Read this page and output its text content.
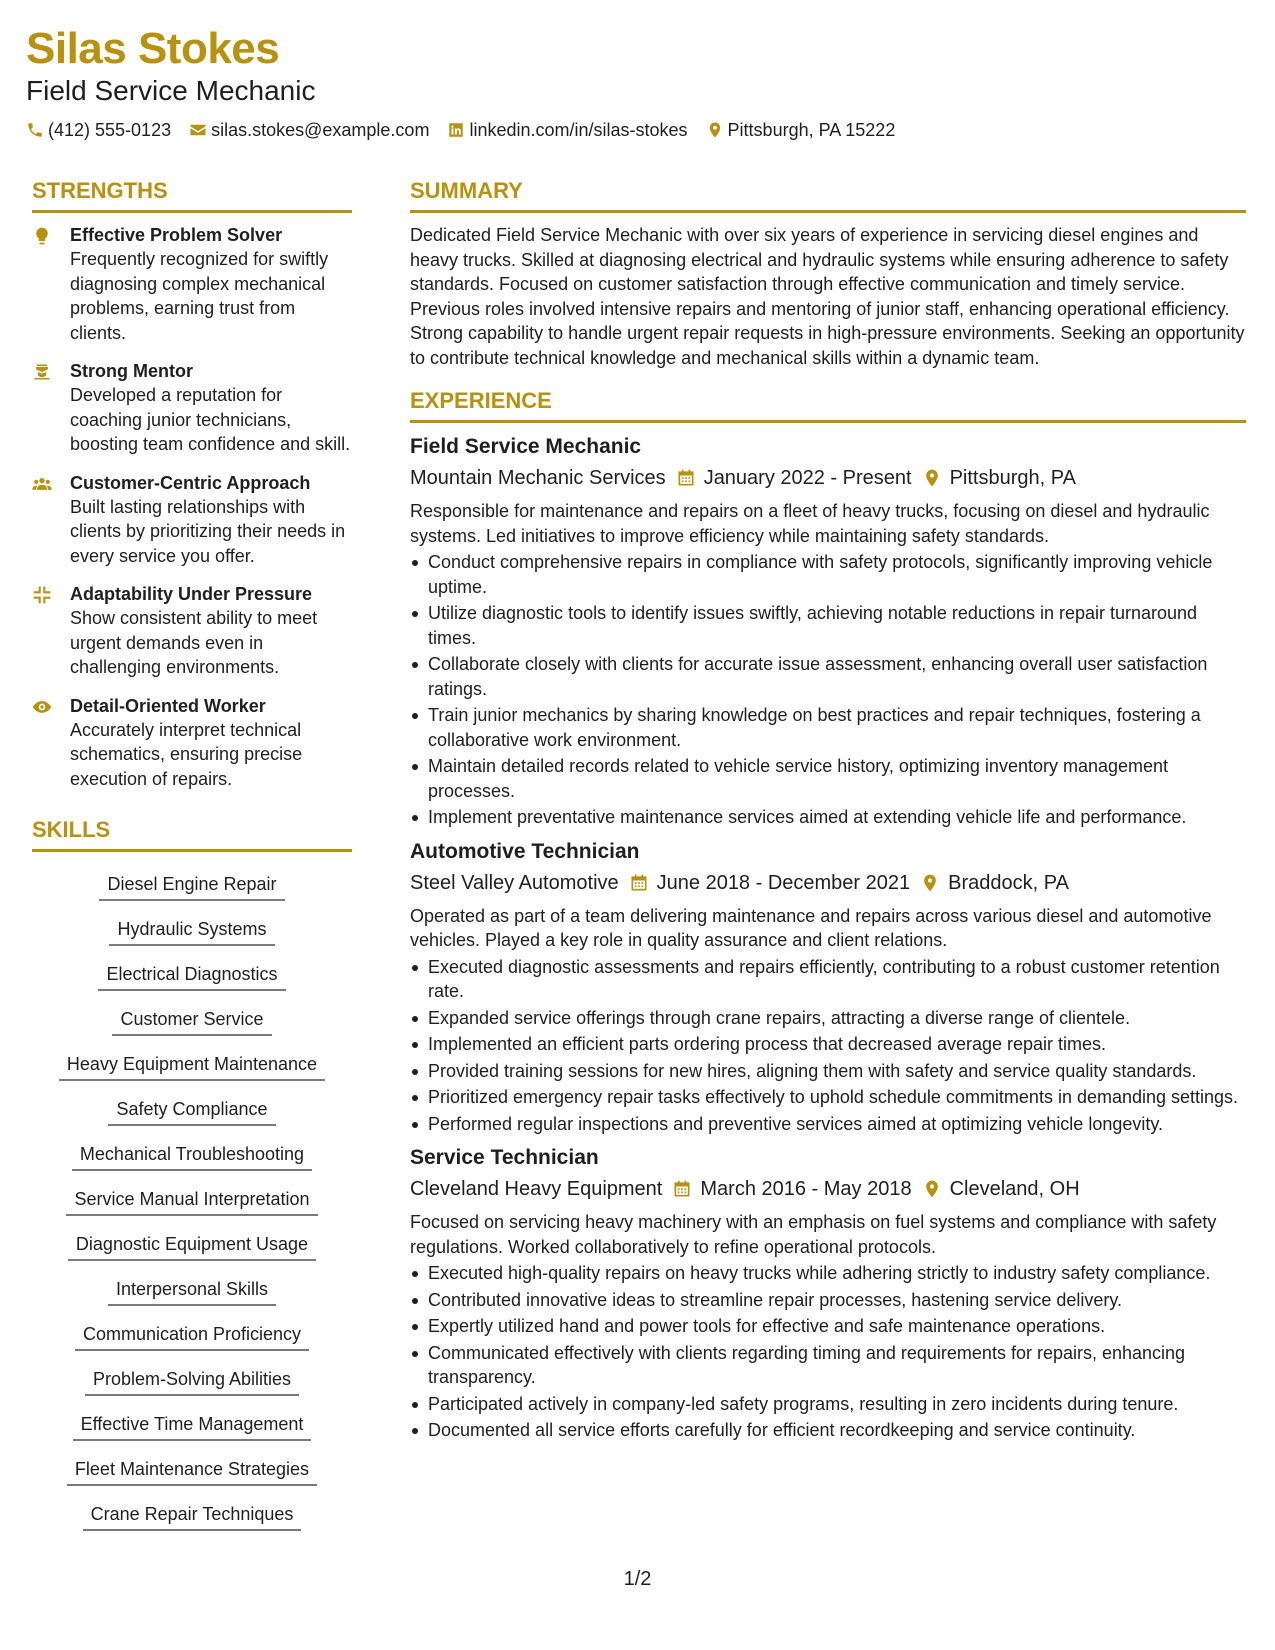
Silas Stokes
Field Service Mechanic
(412) 555-0123 silas.stokes@example.com linkedin.com/in/silas-stokes Pittsburgh, PA 15222
STRENGTHS
Effective Problem Solver
Frequently recognized for swiftly diagnosing complex mechanical problems, earning trust from clients.
Strong Mentor
Developed a reputation for coaching junior technicians, boosting team confidence and skill.
Customer-Centric Approach
Built lasting relationships with clients by prioritizing their needs in every service you offer.
Adaptability Under Pressure
Show consistent ability to meet urgent demands even in challenging environments.
Detail-Oriented Worker
Accurately interpret technical schematics, ensuring precise execution of repairs.
SKILLS
Diesel Engine Repair
Hydraulic Systems
Electrical Diagnostics
Customer Service
Heavy Equipment Maintenance
Safety Compliance
Mechanical Troubleshooting
Service Manual Interpretation
Diagnostic Equipment Usage
Interpersonal Skills
Communication Proficiency
Problem-Solving Abilities
Effective Time Management
Fleet Maintenance Strategies
Crane Repair Techniques
SUMMARY
Dedicated Field Service Mechanic with over six years of experience in servicing diesel engines and heavy trucks. Skilled at diagnosing electrical and hydraulic systems while ensuring adherence to safety standards. Focused on customer satisfaction through effective communication and timely service. Previous roles involved intensive repairs and mentoring of junior staff, enhancing operational efficiency. Strong capability to handle urgent repair requests in high-pressure environments. Seeking an opportunity to contribute technical knowledge and mechanical skills within a dynamic team.
EXPERIENCE
Field Service Mechanic
Mountain Mechanic Services January 2022 - Present Pittsburgh, PA
Responsible for maintenance and repairs on a fleet of heavy trucks, focusing on diesel and hydraulic systems. Led initiatives to improve efficiency while maintaining safety standards.
Conduct comprehensive repairs in compliance with safety protocols, significantly improving vehicle uptime.
Utilize diagnostic tools to identify issues swiftly, achieving notable reductions in repair turnaround times.
Collaborate closely with clients for accurate issue assessment, enhancing overall user satisfaction ratings.
Train junior mechanics by sharing knowledge on best practices and repair techniques, fostering a collaborative work environment.
Maintain detailed records related to vehicle service history, optimizing inventory management processes.
Implement preventative maintenance services aimed at extending vehicle life and performance.
Automotive Technician
Steel Valley Automotive June 2018 - December 2021 Braddock, PA
Operated as part of a team delivering maintenance and repairs across various diesel and automotive vehicles. Played a key role in quality assurance and client relations.
Executed diagnostic assessments and repairs efficiently, contributing to a robust customer retention rate.
Expanded service offerings through crane repairs, attracting a diverse range of clientele.
Implemented an efficient parts ordering process that decreased average repair times.
Provided training sessions for new hires, aligning them with safety and service quality standards.
Prioritized emergency repair tasks effectively to uphold schedule commitments in demanding settings.
Performed regular inspections and preventive services aimed at optimizing vehicle longevity.
Service Technician
Cleveland Heavy Equipment March 2016 - May 2018 Cleveland, OH
Focused on servicing heavy machinery with an emphasis on fuel systems and compliance with safety regulations. Worked collaboratively to refine operational protocols.
Executed high-quality repairs on heavy trucks while adhering strictly to industry safety compliance.
Contributed innovative ideas to streamline repair processes, hastening service delivery.
Expertly utilized hand and power tools for effective and safe maintenance operations.
Communicated effectively with clients regarding timing and requirements for repairs, enhancing transparency.
Participated actively in company-led safety programs, resulting in zero incidents during tenure.
Documented all service efforts carefully for efficient recordkeeping and service continuity.
1/2
